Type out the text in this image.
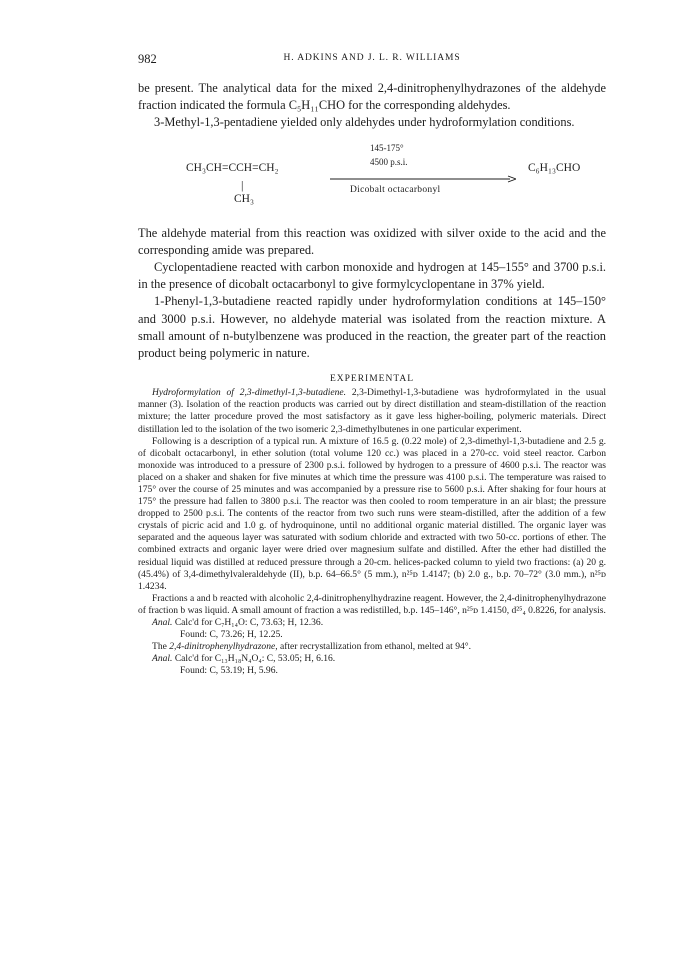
982	H. ADKINS AND J. L. R. WILLIAMS

be present. The analytical data for the mixed 2,4-dinitrophenylhydrazones of the aldehyde fraction indicated the formula C₅H₁₁CHO for the corresponding aldehydes.

3-Methyl-1,3-pentadiene yielded only aldehydes under hydroformylation conditions.

CH₃CH=CCH=CH₂
|
CH₃
145-175°
4500 p.s.i.
Dicobalt octacarbonyl
C₆H₁₃CHO

The aldehyde material from this reaction was oxidized with silver oxide to the acid and the corresponding amide was prepared.

Cyclopentadiene reacted with carbon monoxide and hydrogen at 145–155° and 3700 p.s.i. in the presence of dicobalt octacarbonyl to give formylcyclopentane in 37% yield.

1-Phenyl-1,3-butadiene reacted rapidly under hydroformylation conditions at 145–150° and 3000 p.s.i. However, no aldehyde material was isolated from the reaction mixture. A small amount of n-butylbenzene was produced in the reaction, the greater part of the reaction product being polymeric in nature.

EXPERIMENTAL

Hydroformylation of 2,3-dimethyl-1,3-butadiene. 2,3-Dimethyl-1,3-butadiene was hydroformylated in the usual manner (3). Isolation of the reaction products was carried out by direct distillation and steam-distillation of the reaction mixture; the latter procedure proved the most satisfactory as it gave less higher-boiling, polymeric materials. Direct distillation led to the isolation of the two isomeric 2,3-dimethylbutenes in one particular experiment.

Following is a description of a typical run. A mixture of 16.5 g. (0.22 mole) of 2,3-dimethyl-1,3-butadiene and 2.5 g. of dicobalt octacarbonyl, in ether solution (total volume 120 cc.) was placed in a 270-cc. void steel reactor. Carbon monoxide was introduced to a pressure of 2300 p.s.i. followed by hydrogen to a pressure of 4600 p.s.i. The reactor was placed on a shaker and shaken for five minutes at which time the pressure was 4100 p.s.i. The temperature was raised to 175° over the course of 25 minutes and was accompanied by a pressure rise to 5600 p.s.i. After shaking for four hours at 175° the pressure had fallen to 3800 p.s.i. The reactor was then cooled to room temperature in an air blast; the pressure dropped to 2500 p.s.i. The contents of the reactor from two such runs were steam-distilled, after the addition of a few crystals of picric acid and 1.0 g. of hydroquinone, until no additional organic material distilled. The organic layer was separated and the aqueous layer was saturated with sodium chloride and extracted with two 50-cc. portions of ether. The combined extracts and organic layer were dried over magnesium sulfate and distilled. After the ether had distilled the residual liquid was distilled at reduced pressure through a 20-cm. helices-packed column to yield two fractions: (a) 20 g. (45.4%) of 3,4-dimethylvaleraldehyde (II), b.p. 64–66.5° (5 mm.), n²⁵ᴅ 1.4147; (b) 2.0 g., b.p. 70–72° (3.0 mm.), n²⁵ᴅ 1.4234.

Fractions a and b reacted with alcoholic 2,4-dinitrophenylhydrazine reagent. However, the 2,4-dinitrophenylhydrazone of fraction b was liquid. A small amount of fraction a was redistilled, b.p. 145–146°, n²⁵ᴅ 1.4150, d²⁵₄ 0.8226, for analysis.

Anal. Calc'd for C₇H₁₄O: C, 73.63; H, 12.36.

Found: C, 73.26; H, 12.25.

The 2,4-dinitrophenylhydrazone, after recrystallization from ethanol, melted at 94°.

Anal. Calc'd for C₁₃H₁₈N₄O₄: C, 53.05; H, 6.16.

Found: C, 53.19; H, 5.96.
